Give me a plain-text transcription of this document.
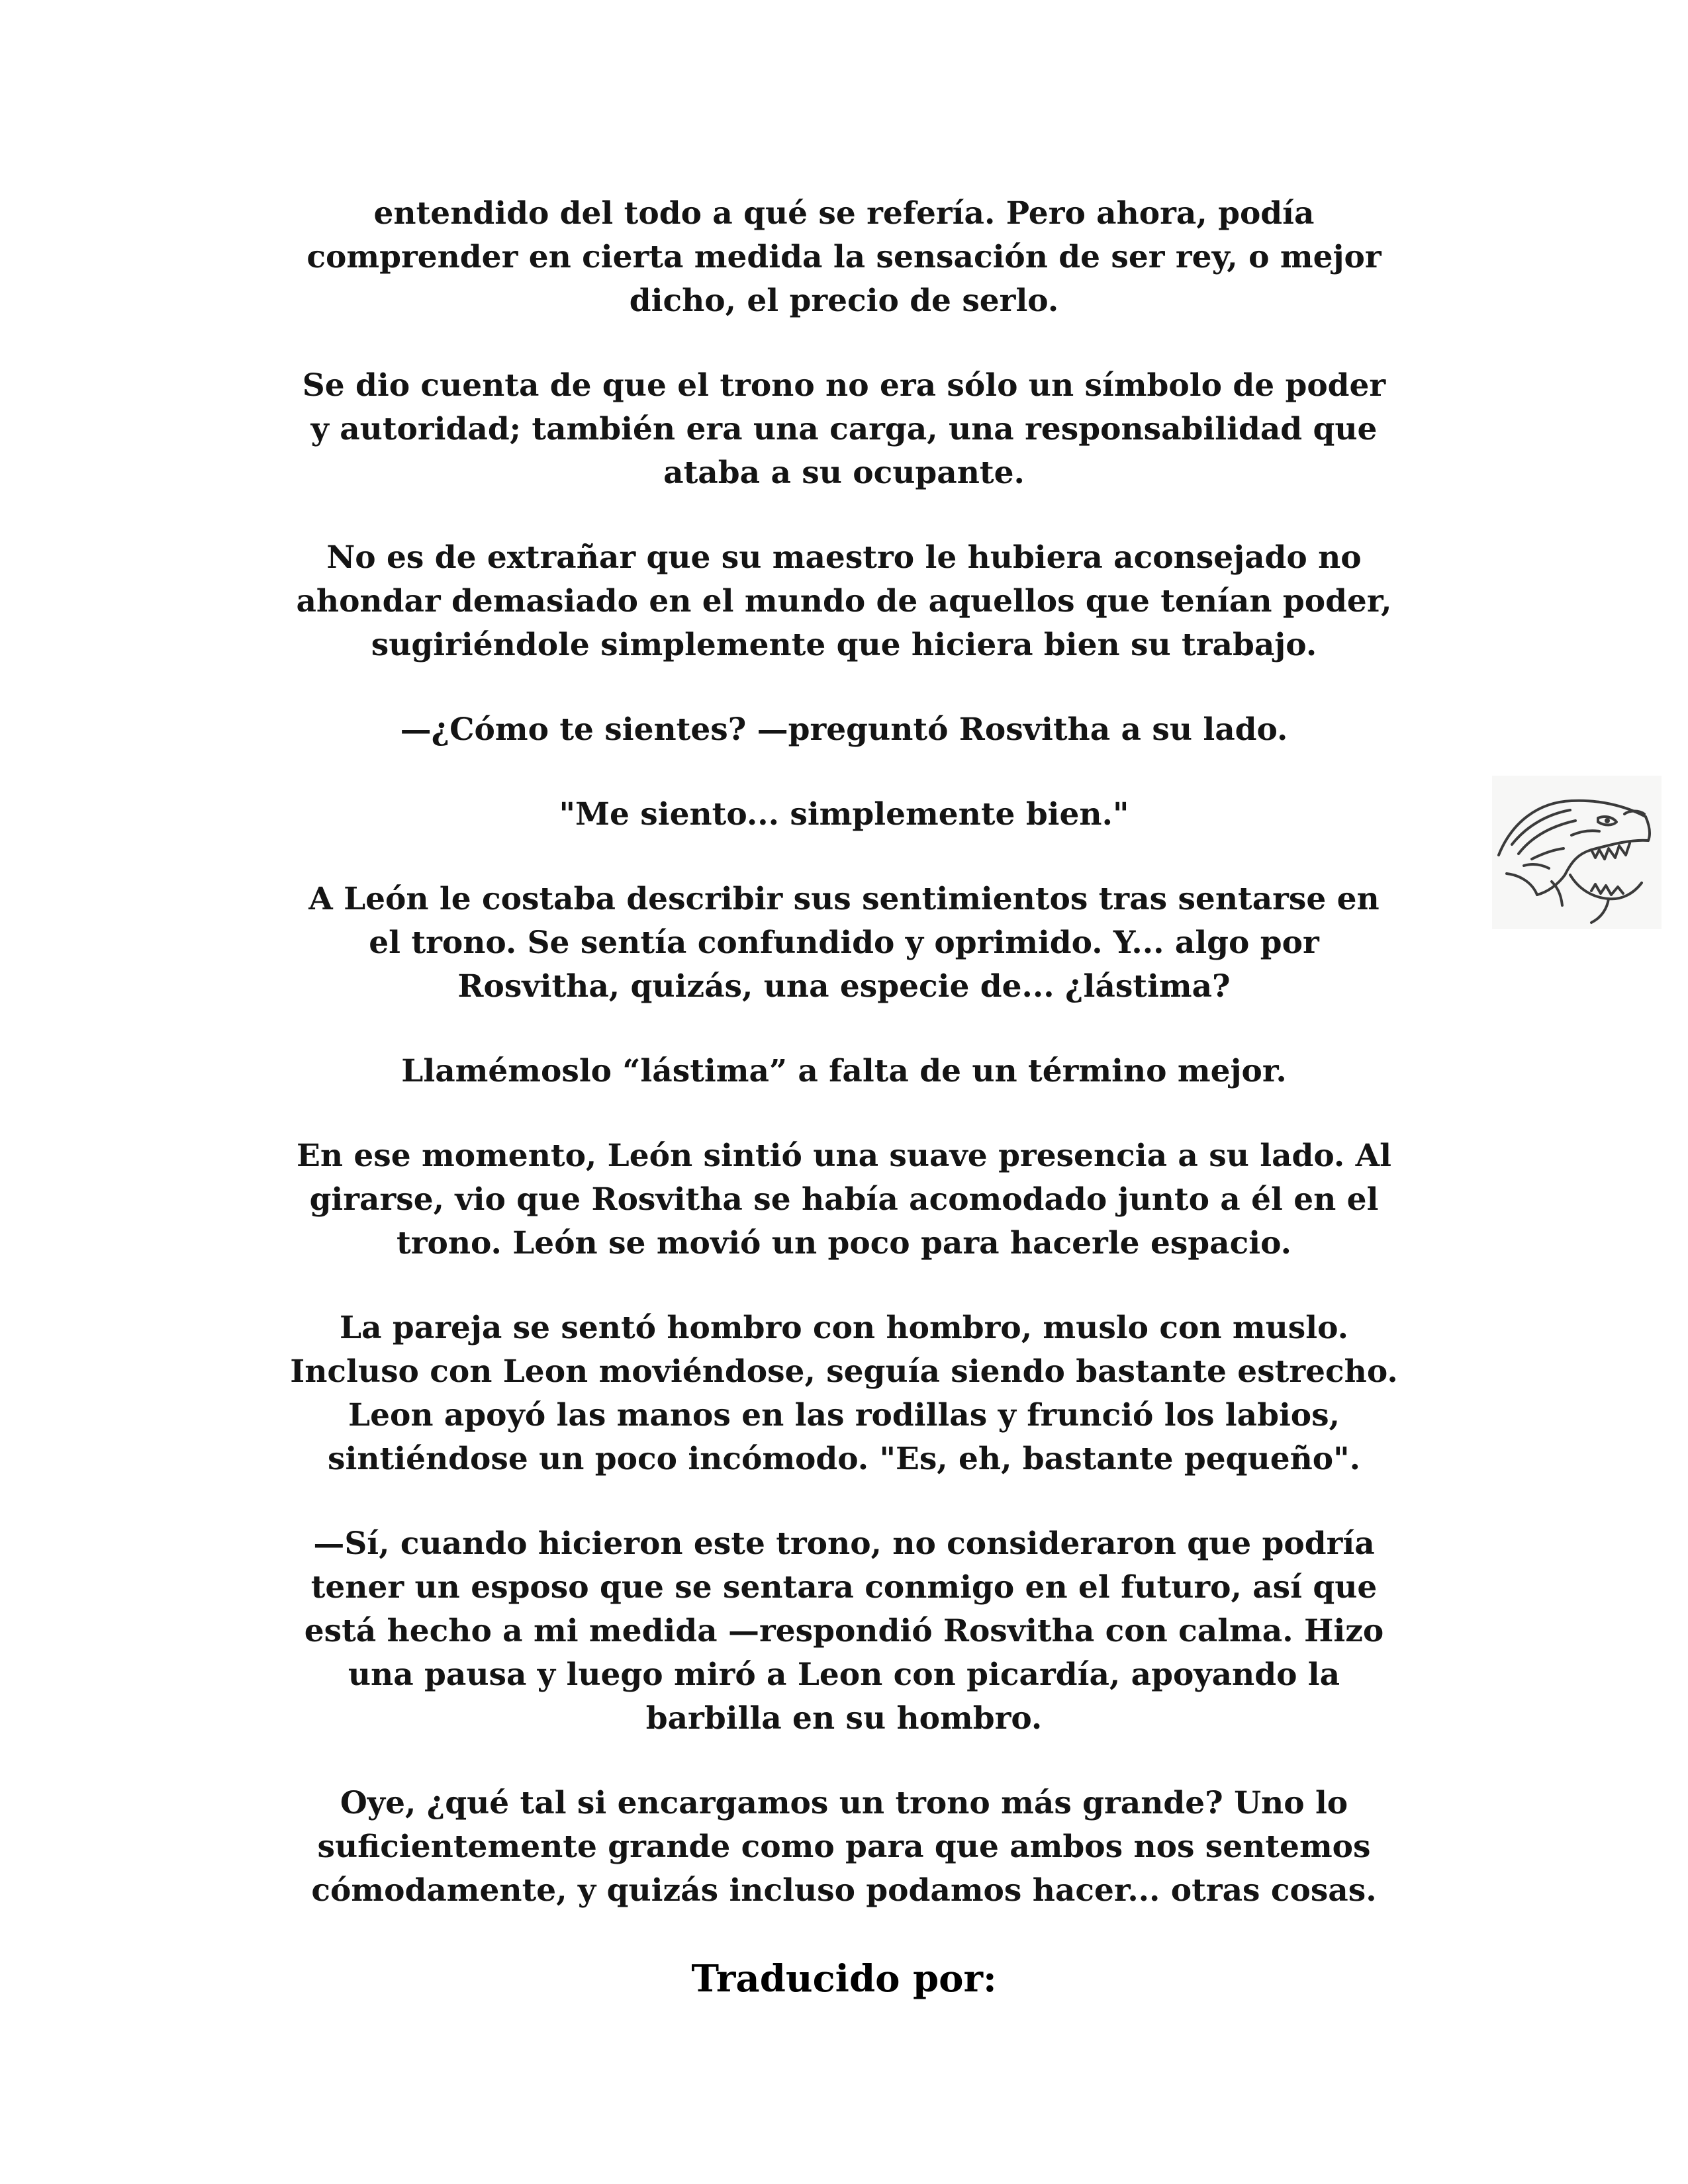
entendido del todo a qué se refería. Pero ahora, podía
comprender en cierta medida la sensación de ser rey, o mejor
dicho, el precio de serlo.
Se dio cuenta de que el trono no era sólo un símbolo de poder
y autoridad; también era una carga, una responsabilidad que
ataba a su ocupante.
No es de extrañar que su maestro le hubiera aconsejado no
ahondar demasiado en el mundo de aquellos que tenían poder,
sugiriéndole simplemente que hiciera bien su trabajo.
—¿Cómo te sientes? —preguntó Rosvitha a su lado.
"Me siento... simplemente bien."
A León le costaba describir sus sentimientos tras sentarse en
el trono. Se sentía confundido y oprimido. Y... algo por
Rosvitha, quizás, una especie de... ¿lástima?
Llamémoslo “lástima” a falta de un término mejor.
En ese momento, León sintió una suave presencia a su lado. Al
girarse, vio que Rosvitha se había acomodado junto a él en el
trono. León se movió un poco para hacerle espacio.
La pareja se sentó hombro con hombro, muslo con muslo.
Incluso con Leon moviéndose, seguía siendo bastante estrecho.
Leon apoyó las manos en las rodillas y frunció los labios,
sintiéndose un poco incómodo. "Es, eh, bastante pequeño".
—Sí, cuando hicieron este trono, no consideraron que podría
tener un esposo que se sentara conmigo en el futuro, así que
está hecho a mi medida —respondió Rosvitha con calma. Hizo
una pausa y luego miró a Leon con picardía, apoyando la
barbilla en su hombro.
Oye, ¿qué tal si encargamos un trono más grande? Uno lo
suficientemente grande como para que ambos nos sentemos
cómodamente, y quizás incluso podamos hacer... otras cosas.
Traducido por:
